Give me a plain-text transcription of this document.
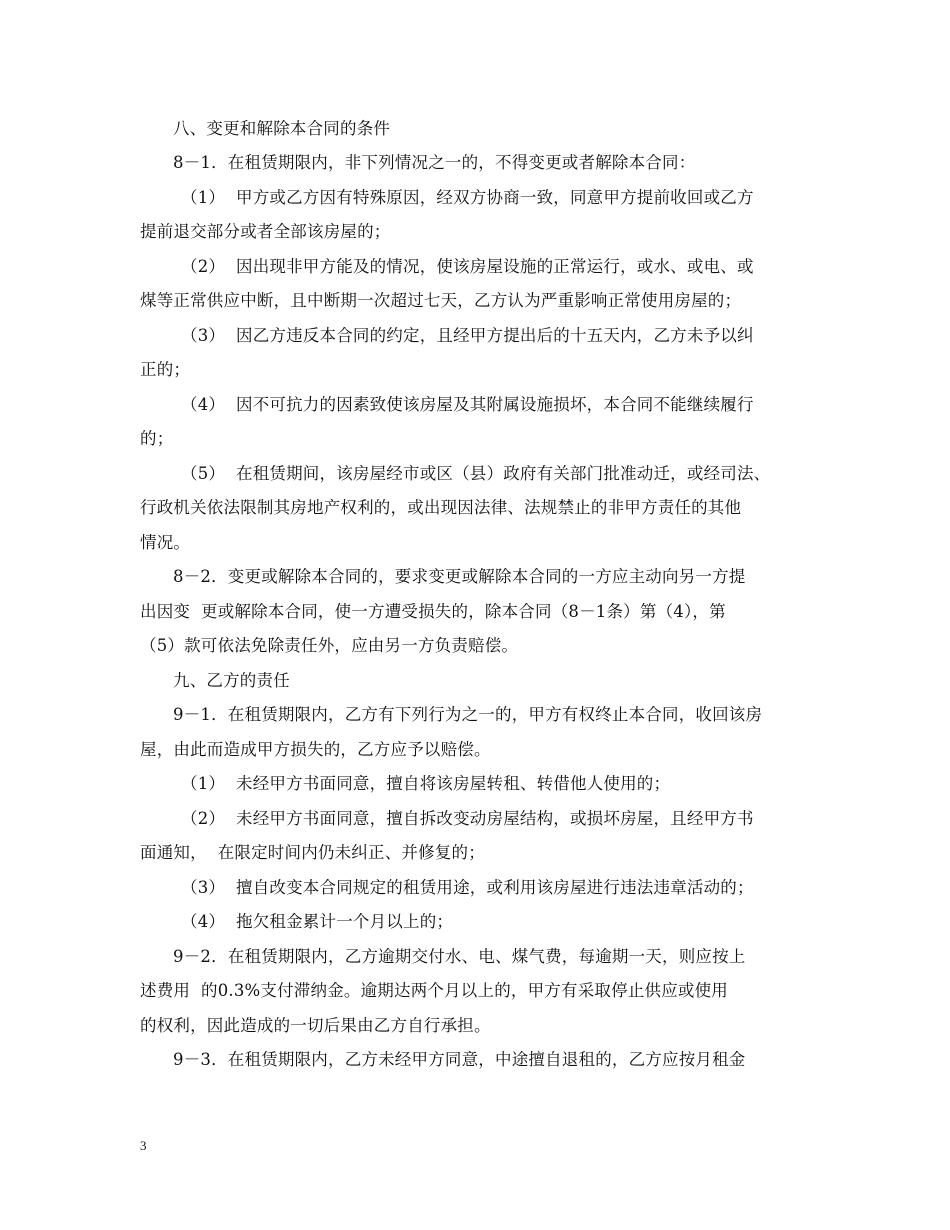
八、变更和解除本合同的条件
8－1．在租赁期限内，非下列情况之一的，不得变更或者解除本合同：
（1）  甲方或乙方因有特殊原因，经双方协商一致，同意甲方提前收回或乙方
提前退交部分或者全部该房屋的；
（2）  因出现非甲方能及的情况，使该房屋设施的正常运行，或水、或电、或
煤等正常供应中断，且中断期一次超过七天，乙方认为严重影响正常使用房屋的；
（3）  因乙方违反本合同的约定，且经甲方提出后的十五天内，乙方未予以纠
正的；
（4）  因不可抗力的因素致使该房屋及其附属设施损坏，本合同不能继续履行
的；
（5）  在租赁期间，该房屋经市或区（县）政府有关部门批准动迁，或经司法、
行政机关依法限制其房地产权利的，或出现因法律、法规禁止的非甲方责任的其他
情况。
8－2．变更或解除本合同的，要求变更或解除本合同的一方应主动向另一方提
出因变  更或解除本合同，使一方遭受损失的，除本合同（8－1条）第（4），第
（5）款可依法免除责任外，应由另一方负责赔偿。
九、乙方的责任
9－1．在租赁期限内，乙方有下列行为之一的，甲方有权终止本合同，收回该房
屋，由此而造成甲方损失的，乙方应予以赔偿。
（1）  未经甲方书面同意，擅自将该房屋转租、转借他人使用的；
（2）  未经甲方书面同意，擅自拆改变动房屋结构，或损坏房屋，且经甲方书
面通知，  在限定时间内仍未纠正、并修复的；
（3）  擅自改变本合同规定的租赁用途，或利用该房屋进行违法违章活动的；
（4）  拖欠租金累计一个月以上的；
9－2．在租赁期限内，乙方逾期交付水、电、煤气费，每逾期一天，则应按上
述费用  的0.3%支付滞纳金。逾期达两个月以上的，甲方有采取停止供应或使用
的权利，因此造成的一切后果由乙方自行承担。
9－3．在租赁期限内，乙方未经甲方同意，中途擅自退租的，乙方应按月租金
3
